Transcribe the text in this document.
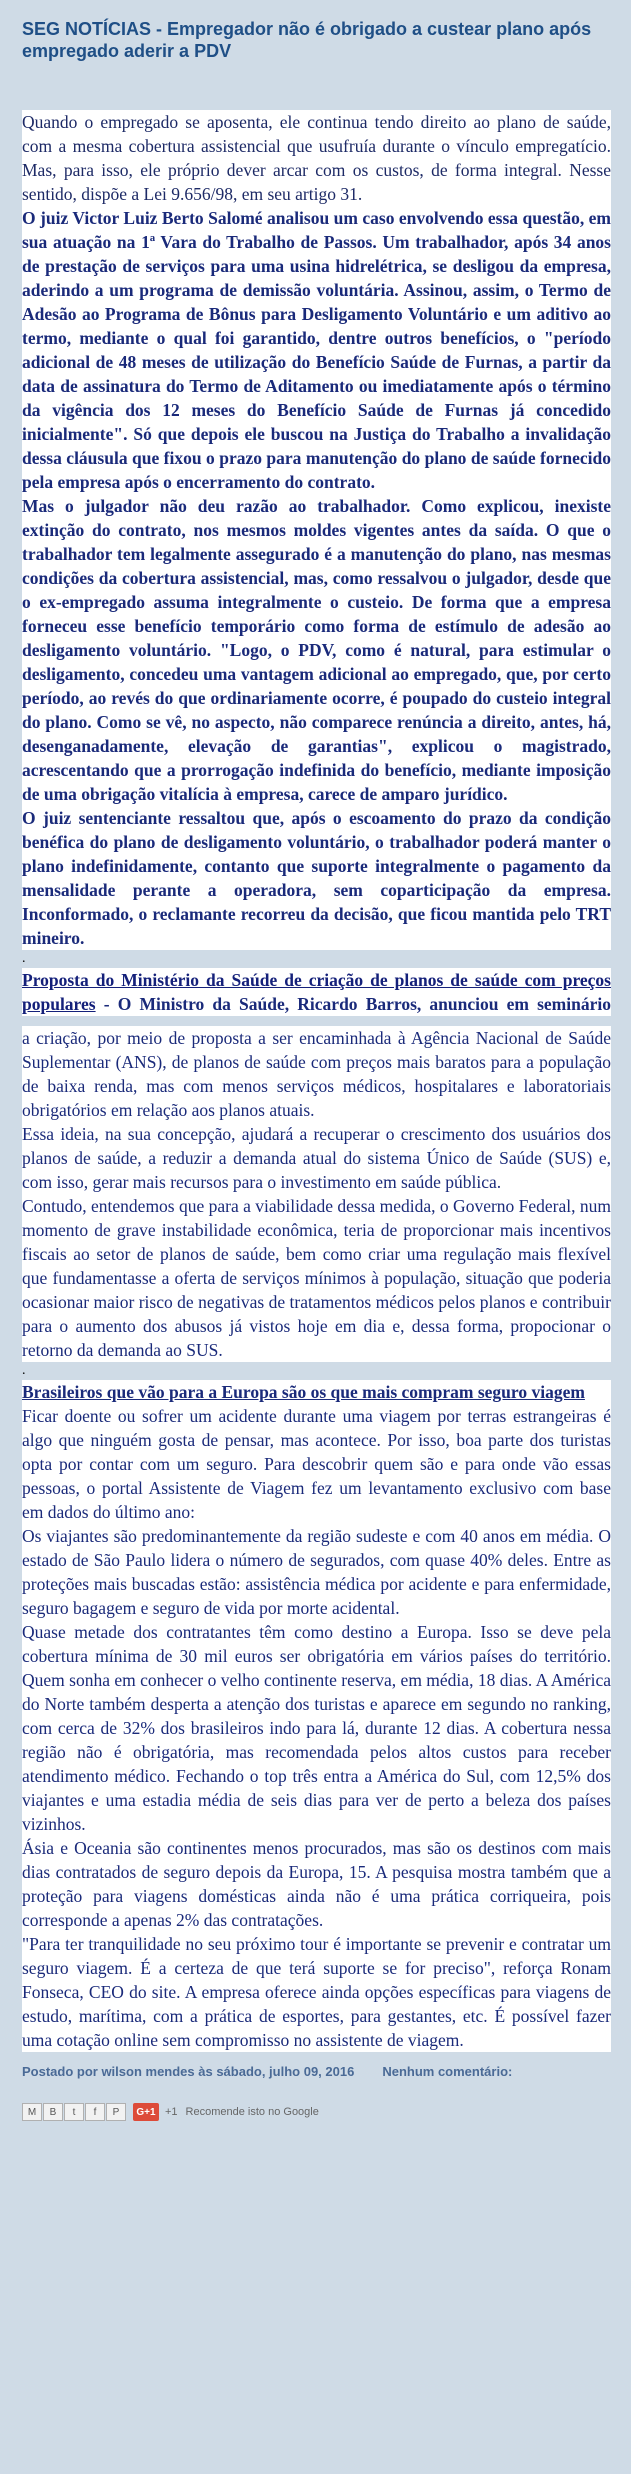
SEG NOTÍCIAS - Empregador não é obrigado a custear plano após empregado aderir a PDV

Quando o empregado se aposenta, ele continua tendo direito ao plano de saúde, com a mesma cobertura assistencial que usufruía durante o vínculo empregatício. Mas, para isso, ele próprio dever arcar com os custos, de forma integral. Nesse sentido, dispõe a Lei 9.656/98, em seu artigo 31.

O juiz Victor Luiz Berto Salomé analisou um caso envolvendo essa questão, em sua atuação na 1ª Vara do Trabalho de Passos. Um trabalhador, após 34 anos de prestação de serviços para uma usina hidrelétrica, se desligou da empresa, aderindo a um programa de demissão voluntária. Assinou, assim, o Termo de Adesão ao Programa de Bônus para Desligamento Voluntário e um aditivo ao termo, mediante o qual foi garantido, dentre outros benefícios, o "período adicional de 48 meses de utilização do Benefício Saúde de Furnas, a partir da data de assinatura do Termo de Aditamento ou imediatamente após o término da vigência dos 12 meses do Benefício Saúde de Furnas já concedido inicialmente". Só que depois ele buscou na Justiça do Trabalho a invalidação dessa cláusula que fixou o prazo para manutenção do plano de saúde fornecido pela empresa após o encerramento do contrato.

Mas o julgador não deu razão ao trabalhador. Como explicou, inexiste

extinção do contrato, nos mesmos moldes vigentes antes da saída. O que o trabalhador tem legalmente assegurado é a manutenção do plano, nas mesmas condições da cobertura assistencial, mas, como ressalvou o julgador, desde que o ex-empregado assuma integralmente o custeio. De forma que a empresa forneceu esse benefício temporário como forma de estímulo de adesão ao desligamento voluntário. "Logo, o PDV, como é natural, para estimular o desligamento, concedeu uma vantagem adicional ao empregado, que, por certo período, ao revés do que ordinariamente ocorre, é poupado do custeio integral do plano. Como se vê, no aspecto, não comparece renúncia a direito, antes, há, desenganadamente, elevação de garantias", explicou o magistrado, acrescentando que a prorrogação indefinida do benefício, mediante imposição de uma obrigação vitalícia à empresa, carece de amparo jurídico.

O juiz sentenciante ressaltou que, após o escoamento do prazo da condição benéfica do plano de desligamento voluntário, o trabalhador poderá manter o plano indefinidamente, contanto que suporte integralmente o pagamento da mensalidade perante a operadora, sem coparticipação da empresa. Inconformado, o reclamante recorreu da decisão, que ficou mantida pelo TRT mineiro.

.

Proposta do Ministério da Saúde de criação de planos de saúde com preços populares - O Ministro da Saúde, Ricardo Barros, anunciou em seminário

a criação, por meio de proposta a ser encaminhada à Agência Nacional de Saúde Suplementar (ANS), de planos de saúde com preços mais baratos para a população de baixa renda, mas com menos serviços médicos, hospitalares e laboratoriais obrigatórios em relação aos planos atuais.

Essa ideia, na sua concepção, ajudará a recuperar o crescimento dos usuários dos planos de saúde, a reduzir a demanda atual do sistema Único de Saúde (SUS) e, com isso, gerar mais recursos para o investimento em saúde pública.

Contudo, entendemos que para a viabilidade dessa medida, o Governo Federal, num momento de grave instabilidade econômica, teria de proporcionar mais incentivos fiscais ao setor de planos de saúde, bem como criar uma regulação mais flexível que fundamentasse a oferta de serviços mínimos à população, situação que poderia ocasionar maior risco de negativas de tratamentos médicos pelos planos e contribuir para o aumento dos abusos já vistos hoje em dia e, dessa forma, propocionar o retorno da demanda ao SUS.

.

Brasileiros que vão para a Europa são os que mais compram seguro viagem

Ficar doente ou sofrer um acidente durante uma viagem por terras estrangeiras é algo que ninguém gosta de pensar, mas acontece. Por isso, boa parte dos turistas opta por contar com um seguro. Para descobrir quem são e para onde vão essas pessoas, o portal Assistente de Viagem fez um levantamento exclusivo com base em dados do último ano:

Os viajantes são predominantemente da região sudeste e com 40 anos em média. O estado de São Paulo lidera o número de segurados, com quase 40% deles. Entre as proteções mais buscadas estão: assistência médica por acidente e para enfermidade, seguro bagagem e seguro de vida por morte acidental.

Quase metade dos contratantes têm como destino a Europa. Isso se deve pela cobertura mínima de 30 mil euros ser obrigatória em vários países do território. Quem sonha em conhecer o velho continente reserva, em média, 18 dias. A América do Norte também desperta a atenção dos turistas e aparece em segundo no ranking, com cerca de 32% dos brasileiros indo para lá, durante 12 dias. A cobertura nessa região não é obrigatória, mas recomendada pelos altos custos para receber atendimento médico. Fechando o top três entra a América do Sul, com 12,5% dos viajantes e uma estadia média de seis dias para ver de perto a beleza dos países vizinhos.

Ásia e Oceania são continentes menos procurados, mas são os destinos com mais dias contratados de seguro depois da Europa, 15. A pesquisa mostra também que a proteção para viagens domésticas ainda não é uma prática corriqueira, pois corresponde a apenas 2% das contratações.

"Para ter tranquilidade no seu próximo tour é importante se prevenir e contratar um seguro viagem. É a certeza de que terá suporte se for preciso", reforça Ronam Fonseca, CEO do site. A empresa oferece ainda opções específicas para viagens de estudo, marítima, com a prática de esportes, para gestantes, etc. É possível fazer uma cotação online sem compromisso no assistente de viagem.

Postado por wilson mendes às sábado, julho 09, 2016 Nenhum comentário:
M	B	t	f	P	G+1 +1 Recomende isto no Google
